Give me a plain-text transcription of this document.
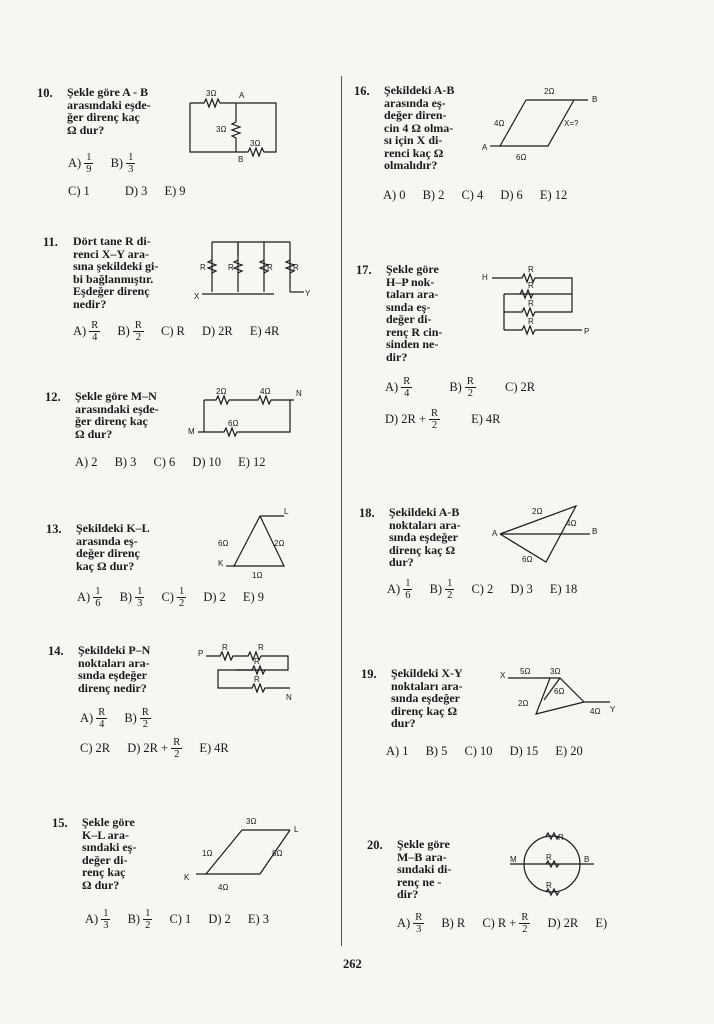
10. Şekle göre A - B
arasındaki eşde-
ğer direnç kaç
Ω dur?
3Ω	A
3Ω
3Ω
B
$A) \frac{1}{9}$
$B) \frac{1}{3}$
C) 1
	D) 3
E) 9
11. Dört tane R di-
renci X–Y ara-
sına şekildeki gi-
bi bağlanmıştır.
Eşdeğer direnç
nedir?
R	R	R	R
X	Y
$A) \frac{R}{4}$
$B) \frac{R}{2}$
C) R
D) 2R
E) 4R
12. Şekle göre M–N
arasındaki eşde-
ğer direnç kaç
Ω dur?
2Ω	4Ω	N
M
6Ω
A) 2
B) 3
C) 6
D) 10
E) 12
13. Şekildeki K–L
arasında eş-
değer direnç
kaç Ω dur?
L
6Ω	2Ω
K
1Ω
$A) \frac{1}{6}$
$B) \frac{1}{3}$
$C) \frac{1}{2}$
D) 2
E) 9
14. Şekildeki P–N
noktaları ara-
sında eşdeğer
direnç nedir?
P
R	R
R
R
N
$A) \frac{R}{4}$
$B) \frac{R}{2}$
C) 2R
D) $2R + \frac{R}{2}$
E) 4R
15. Şekle göre
K–L ara-
sındaki eş-
değer di-
renç kaç
Ω dur?
3Ω
L
1Ω	8Ω
K
4Ω
$A) \frac{1}{3}$
$B) \frac{1}{2}$
C) 1
D) 2
E) 3
16. Şekildeki A-B
arasında eş-
değer diren-
cin 4 Ω olma-
sı için X di-
renci kaç Ω
olmalıdır?
2Ω
B
4Ω	X=?
A
6Ω
A) 0
B) 2
C) 4
D) 6
E) 12
17. Şekle göre
H–P nok-
taları ara-
sında eş-
değer di-
renç R cin-
sinden ne-
dir?
H
R
R
R
R
P
$A) \frac{R}{4}$
	$B) \frac{R}{2}$
C) 2R
D) $2R + \frac{R}{2}$
E) 4R
18. Şekildeki A-B
noktaları ara-
sında eşdeğer
direnç kaç Ω
dur?
2Ω
4Ω
A	B
6Ω
$A) \frac{1}{6}$
$B) \frac{1}{2}$
C) 2
D) 3
E) 18
19. Şekildeki X-Y
noktaları ara-
sında eşdeğer
direnç kaç Ω
dur?
X 5Ω 3Ω
6Ω
2Ω
4Ω Y
A) 1
B) 5
C) 10
D) 15
E) 20
20. Şekle göre
M–B ara-
sındaki di-
renç ne -
dir?
R
M	R	B
R
$A) \frac{R}{3}$
B) R
C) $R + \frac{R}{2}$
D) 2R
E)
262
